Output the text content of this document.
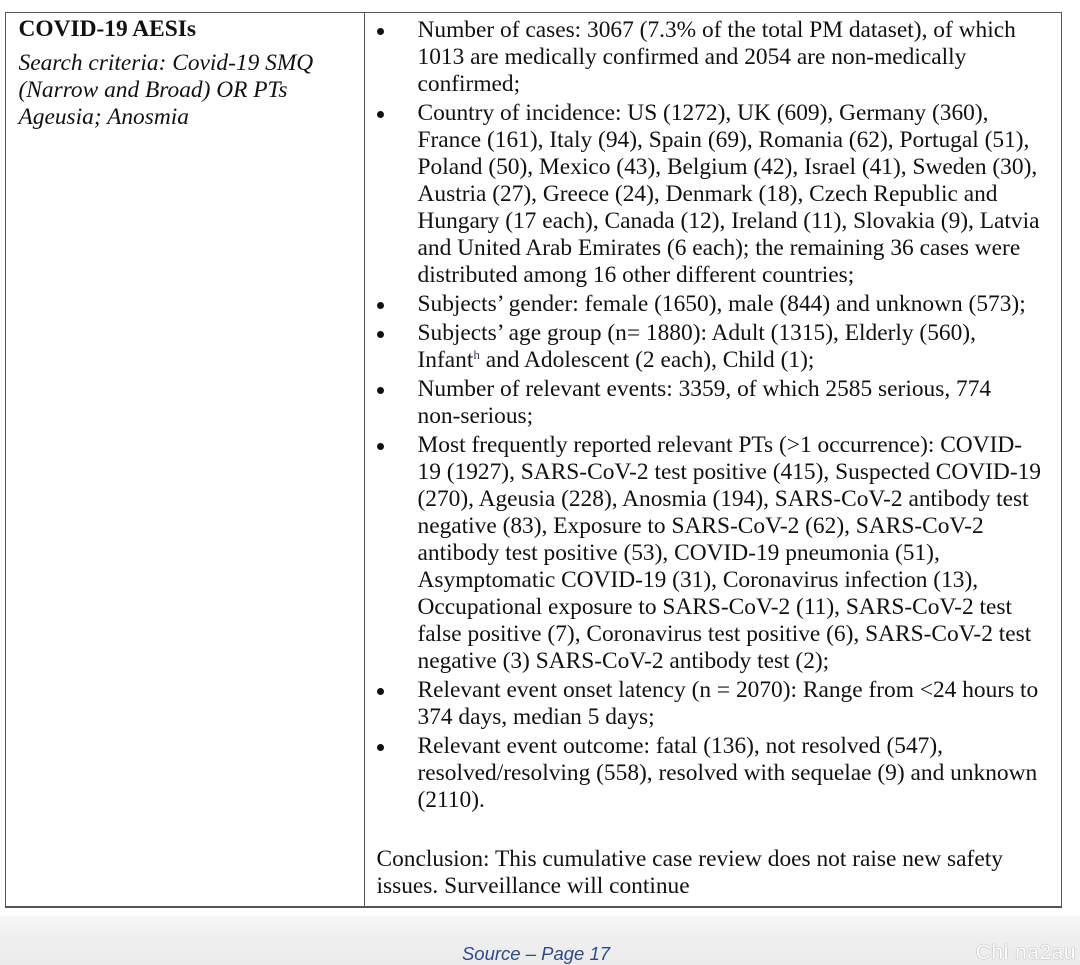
COVID-19 AESIs
Search criteria: Covid-19 SMQ
(Narrow and Broad) OR PTs
Ageusia; Anosmia
Number of cases: 3067 (7.3% of the total PM dataset), of which
1013 are medically confirmed and 2054 are non-medically
confirmed;
Country of incidence: US (1272), UK (609), Germany (360),
France (161), Italy (94), Spain (69), Romania (62), Portugal (51),
Poland (50), Mexico (43), Belgium (42), Israel (41), Sweden (30),
Austria (27), Greece (24), Denmark (18), Czech Republic and
Hungary (17 each), Canada (12), Ireland (11), Slovakia (9), Latvia
and United Arab Emirates (6 each); the remaining 36 cases were
distributed among 16 other different countries;
Subjects’ gender: female (1650), male (844) and unknown (573);
Subjects’ age group (n= 1880): Adult (1315), Elderly (560),
Infant$^h$ and Adolescent (2 each), Child (1);
Number of relevant events: 3359, of which 2585 serious, 774
non-serious;
Most frequently reported relevant PTs (>1 occurrence): COVID-
19 (1927), SARS-CoV-2 test positive (415), Suspected COVID-19
(270), Ageusia (228), Anosmia (194), SARS-CoV-2 antibody test
negative (83), Exposure to SARS-CoV-2 (62), SARS-CoV-2
antibody test positive (53), COVID-19 pneumonia (51),
Asymptomatic COVID-19 (31), Coronavirus infection (13),
Occupational exposure to SARS-CoV-2 (11), SARS-CoV-2 test
false positive (7), Coronavirus test positive (6), SARS-CoV-2 test
negative (3) SARS-CoV-2 antibody test (2);
Relevant event onset latency (n = 2070): Range from <24 hours to
374 days, median 5 days;
Relevant event outcome: fatal (136), not resolved (547),
resolved/resolving (558), resolved with sequelae (9) and unknown
(2110).
Conclusion: This cumulative case review does not raise new safety
issues. Surveillance will continue
Source – Page 17	Chi na2au
